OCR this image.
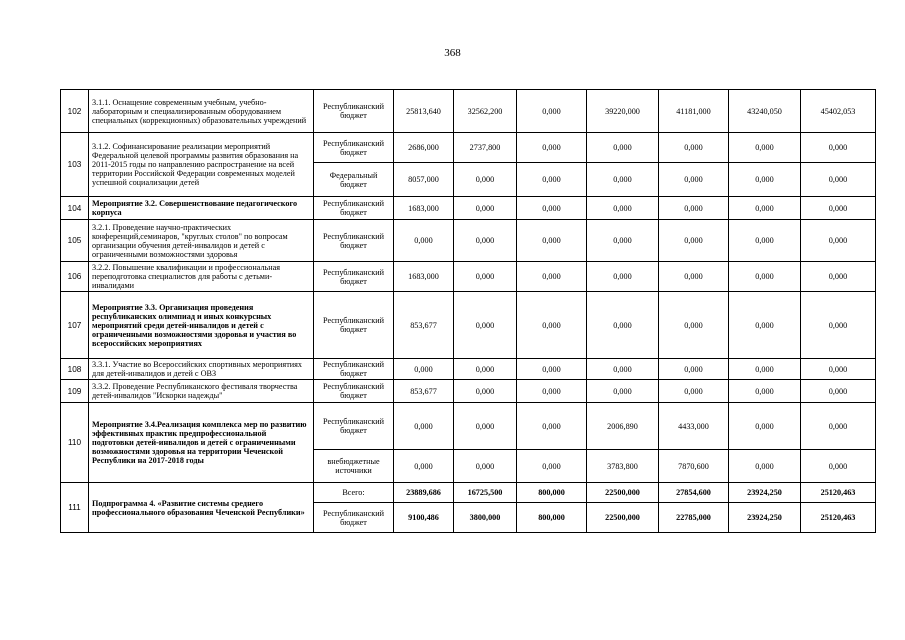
368
102	3.1.1. Оснащение современным учебным, учебно-лабораторным и специализированным оборудованием специальных (коррекционных) образовательных учреждений	Республиканский бюджет	25813,640	32562,200	0,000	39220,000	41181,000	43240,050	45402,053
103	3.1.2. Софинансирование реализации мероприятий Федеральной целевой программы развития образования на 2011-2015 годы по направлению распространение на всей территории Российской Федерации современных моделей успешной социализации детей	Республиканский бюджет	2686,000	2737,800	0,000	0,000	0,000	0,000	0,000
		Федеральный бюджет	8057,000	0,000	0,000	0,000	0,000	0,000	0,000
104	Мероприятие 3.2. Совершенствование педагогического корпуса	Республиканский бюджет	1683,000	0,000	0,000	0,000	0,000	0,000	0,000
105	3.2.1. Проведение научно-практических конференций,семинаров, "круглых столов" по вопросам организации обучения детей-инвалидов и детей с ограниченными возможностями здоровья	Республиканский бюджет	0,000	0,000	0,000	0,000	0,000	0,000	0,000
106	3.2.2. Повышение квалификации и профессиональная переподготовка специалистов для работы с детьми-инвалидами	Республиканский бюджет	1683,000	0,000	0,000	0,000	0,000	0,000	0,000
107	Мероприятие 3.3. Организация проведения республиканских олимпиад и иных конкурсных мероприятий среди детей-инвалидов и детей с ограниченными возможностями здоровья и участия во всероссийских мероприятиях	Республиканский бюджет	853,677	0,000	0,000	0,000	0,000	0,000	0,000
108	3.3.1. Участие во Всероссийских спортивных мероприятиях для детей-инвалидов и детей с ОВЗ	Республиканский бюджет	0,000	0,000	0,000	0,000	0,000	0,000	0,000
109	3.3.2. Проведение Республиканского фестиваля творчества детей-инвалидов "Искорки надежды"	Республиканский бюджет	853,677	0,000	0,000	0,000	0,000	0,000	0,000
110	Мероприятие 3.4.Реализация комплекса мер по развитию эффективных практик предпрофессиональной подготовки детей-инвалидов и детей с ограниченными возможностями здоровья на территории Чеченской Республики на 2017-2018 годы	Республиканский бюджет	0,000	0,000	0,000	2006,890	4433,000	0,000	0,000
		внебюджетные источники	0,000	0,000	0,000	3783,800	7870,600	0,000	0,000
111	Подпрограмма 4. «Развитие системы среднего профессионального образования Чеченской Республики»	Всего:	23889,686	16725,500	800,000	22500,000	27854,600	23924,250	25120,463
		Республиканский бюджет	9100,486	3800,000	800,000	22500,000	22785,000	23924,250	25120,463
